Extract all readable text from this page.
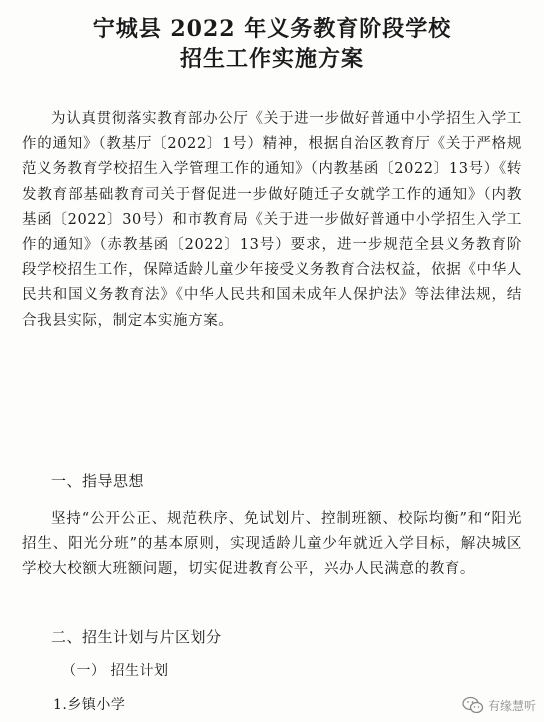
宁城县 2022 年义务教育阶段学校
招生工作实施方案
为认真贯彻落实教育部办公厅《关于进一步做好普通中小学招生入学工作的通知》（教基厅〔2022〕1号）精神，根据自治区教育厅《关于严格规范义务教育学校招生入学管理工作的通知》（内教基函〔2022〕13号）《转发教育部基础教育司关于督促进一步做好随迁子女就学工作的通知》（内教基函〔2022〕30号）和市教育局《关于进一步做好普通中小学招生入学工作的通知》（赤教基函〔2022〕13号）要求，进一步规范全县义务教育阶段学校招生工作，保障适龄儿童少年接受义务教育合法权益，依据《中华人民共和国义务教育法》《中华人民共和国未成年人保护法》等法律法规，结合我县实际，制定本实施方案。
一、指导思想
坚持“公开公正、规范秩序、免试划片、控制班额、校际均衡”和“阳光招生、阳光分班”的基本原则，实现适龄儿童少年就近入学目标，解决城区学校大校额大班额问题，切实促进教育公平，兴办人民满意的教育。
二、招生计划与片区划分
（一） 招生计划
1.乡镇小学	有缘慧听
